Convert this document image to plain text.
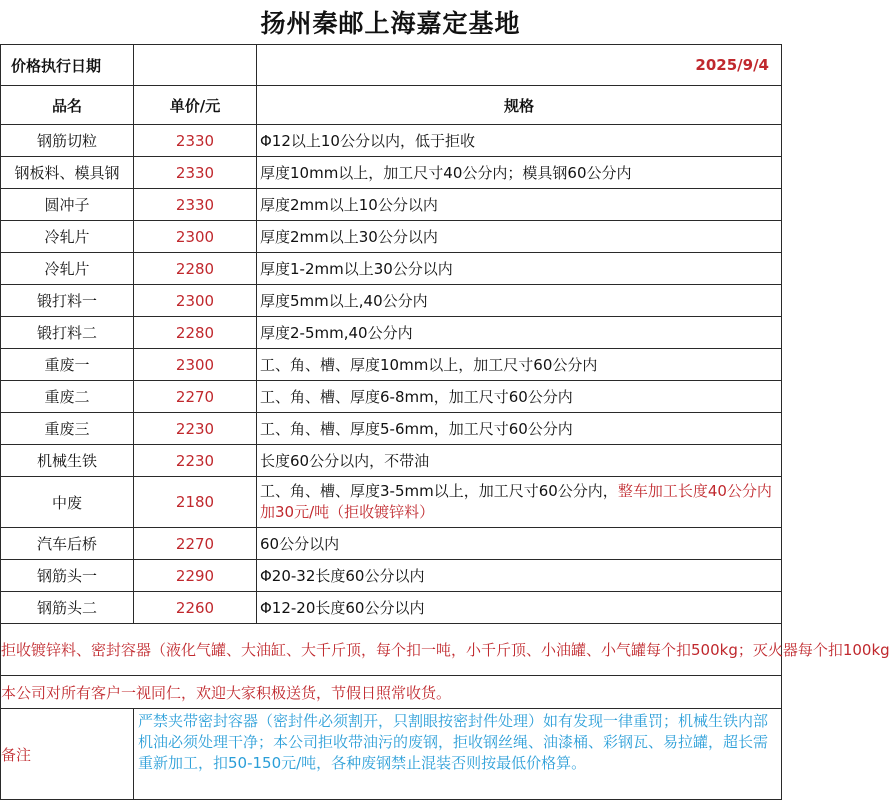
扬州秦邮上海嘉定基地
价格执行日期		2025/9/4
品名	单价/元	规格
钢筋切粒	2330	Φ12以上10公分以内，低于拒收
钢板料、模具钢	2330	厚度10mm以上，加工尺寸40公分内；模具钢60公分内
圆冲子	2330	厚度2mm以上10公分以内
冷轧片	2300	厚度2mm以上30公分以内
冷轧片	2280	厚度1-2mm以上30公分以内
锻打料一	2300	厚度5mm以上,40公分内
锻打料二	2280	厚度2-5mm,40公分内
重废一	2300	工、角、槽、厚度10mm以上，加工尺寸60公分内
重废二	2270	工、角、槽、厚度6-8mm，加工尺寸60公分内
重废三	2230	工、角、槽、厚度5-6mm，加工尺寸60公分内
机械生铁	2230	长度60公分以内，不带油
中废	2180	工、角、槽、厚度3-5mm以上，加工尺寸60公分内，整车加工长度40公分内加30元/吨（拒收镀锌料）
汽车后桥	2270	60公分以内
钢筋头一	2290	Φ20-32长度60公分以内
钢筋头二	2260	Φ12-20长度60公分以内
拒收镀锌料、密封容器（液化气罐、大油缸、大千斤顶，每个扣一吨，小千斤顶、小油罐、小气罐每个扣500kg；灭火器每个扣100kg		
本公司对所有客户一视同仁，欢迎大家积极送货，节假日照常收货。		
备注	严禁夹带密封容器（密封件必须割开，只割眼按密封件处理）如有发现一律重罚；机械生铁内部机油必须处理干净；本公司拒收带油污的废钢，拒收钢丝绳、油漆桶、彩钢瓦、易拉罐，超长需重新加工，扣50-150元/吨，各种废钢禁止混装否则按最低价格算。	
